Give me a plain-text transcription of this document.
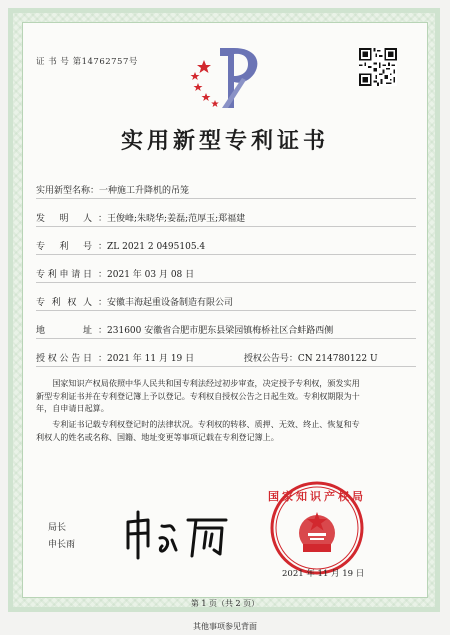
证 书 号 第14762757号
实用新型专利证书
实用新型名称：一种施工升降机的吊笼
发 明 人 ：王俊峰;朱晓华;姜磊;范厚玉;郑福建
专 利 号 ：ZL 2021 2 0495105.4
专利申请日 ：2021 年 03 月 08 日
专 利 权 人 ：安徽丰海起重设备制造有限公司
地 址 ：231600 安徽省合肥市肥东县梁园镇梅桥社区合蚌路西侧
授权公告日 ：2021 年 11 月 19 日	授权公告号：CN 214780122 U
国家知识产权局依照中华人民共和国专利法经过初步审查，决定授予专利权，颁发实用
新型专利证书并在专利登记簿上予以登记。专利权自授权公告之日起生效。专利权期限为十
年，自申请日起算。
专利证书记载专利权登记时的法律状况。专利权的转移、质押、无效、终止、恢复和专
利权人的姓名或名称、国籍、地址变更等事项记载在专利登记簿上。
局长
申长雨
国家知识产权局
2021 年 11 月 19 日
第 1 页（共 2 页）
其他事项参见背面
